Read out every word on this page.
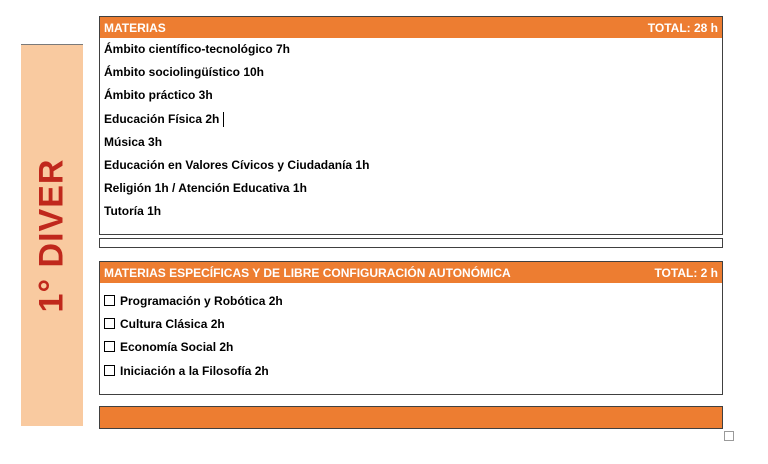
1° DIVER
MATERIAS	TOTAL: 28 h
Ámbito científico-tecnológico 7h
Ámbito sociolingüístico 10h
Ámbito práctico 3h
Educación Física 2h
Música 3h
Educación en Valores Cívicos y Ciudadanía 1h
Religión 1h / Atención Educativa 1h
Tutoría 1h
MATERIAS ESPECÍFICAS Y DE LIBRE CONFIGURACIÓN AUTONÓMICA	TOTAL: 2 h
Programación y Robótica 2h
Cultura Clásica 2h
Economía Social 2h
Iniciación a la Filosofía 2h
